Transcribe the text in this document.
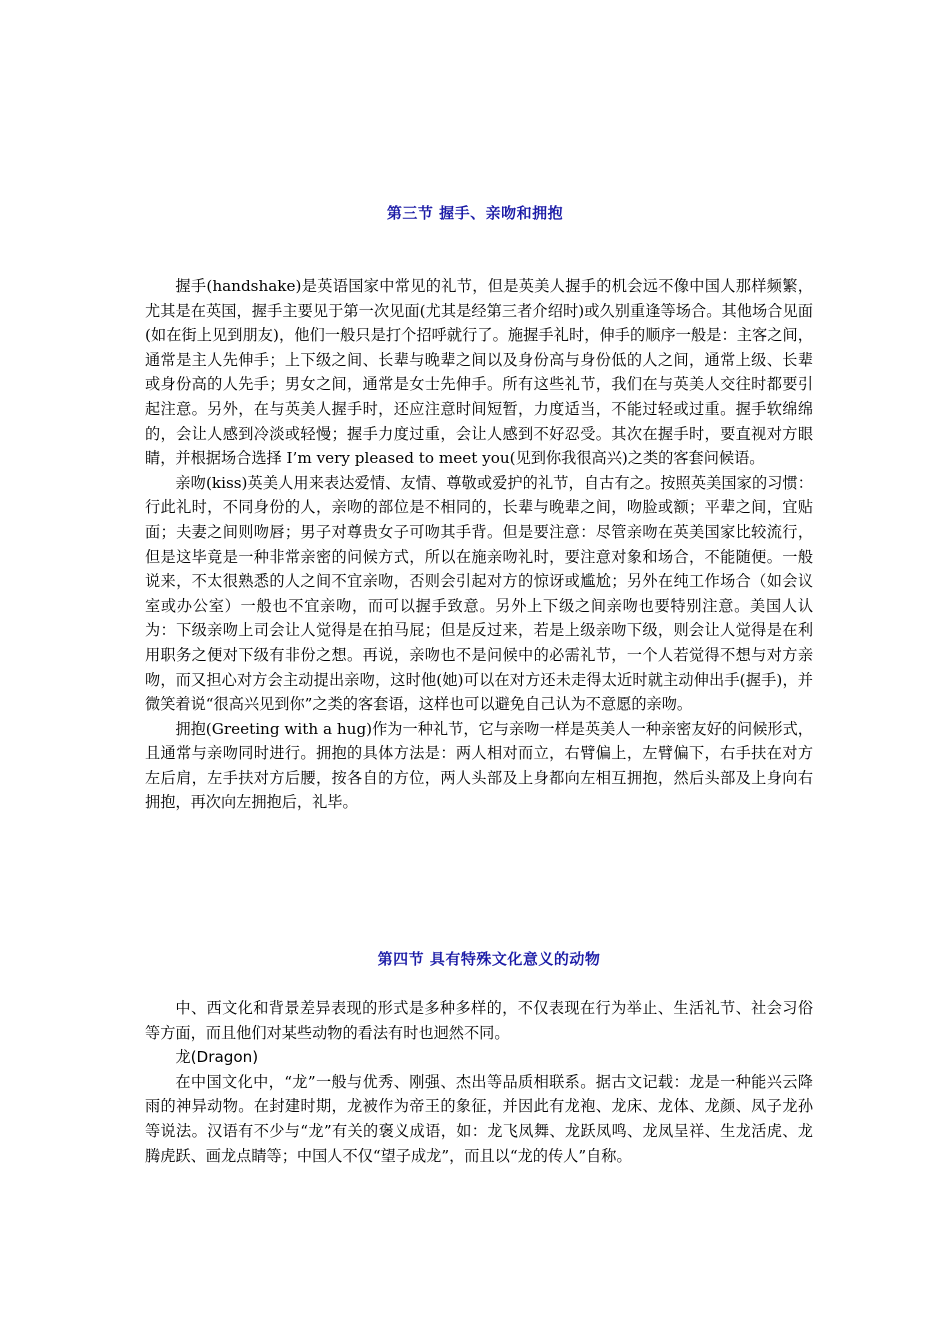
第三节 握手、亲吻和拥抱

握手(handshake)是英语国家中常见的礼节，但是英美人握手的机会远不像中国人那样频繁，尤其是在英国，握手主要见于第一次见面(尤其是经第三者介绍时)或久别重逢等场合。其他场合见面(如在街上见到朋友)，他们一般只是打个招呼就行了。施握手礼时，伸手的顺序一般是：主客之间，通常是主人先伸手；上下级之间、长辈与晚辈之间以及身份高与身份低的人之间，通常上级、长辈或身份高的人先手；男女之间，通常是女士先伸手。所有这些礼节，我们在与英美人交往时都要引起注意。另外，在与英美人握手时，还应注意时间短暂，力度适当，不能过轻或过重。握手软绵绵的，会让人感到冷淡或轻慢；握手力度过重，会让人感到不好忍受。其次在握手时，要直视对方眼睛，并根据场合选择 I’m very pleased to meet you(见到你我很高兴)之类的客套问候语。

亲吻(kiss)英美人用来表达爱情、友情、尊敬或爱护的礼节，自古有之。按照英美国家的习惯：行此礼时，不同身份的人，亲吻的部位是不相同的，长辈与晚辈之间，吻脸或额；平辈之间，宜贴面；夫妻之间则吻唇；男子对尊贵女子可吻其手背。但是要注意：尽管亲吻在英美国家比较流行，但是这毕竟是一种非常亲密的问候方式，所以在施亲吻礼时，要注意对象和场合，不能随便。一般说来，不太很熟悉的人之间不宜亲吻，否则会引起对方的惊讶或尴尬；另外在纯工作场合（如会议室或办公室）一般也不宜亲吻，而可以握手致意。另外上下级之间亲吻也要特别注意。美国人认为：下级亲吻上司会让人觉得是在拍马屁；但是反过来，若是上级亲吻下级，则会让人觉得是在利用职务之便对下级有非份之想。再说，亲吻也不是问候中的必需礼节，一个人若觉得不想与对方亲吻，而又担心对方会主动提出亲吻，这时他(她)可以在对方还未走得太近时就主动伸出手(握手)，并微笑着说“很高兴见到你”之类的客套语，这样也可以避免自己认为不意愿的亲吻。

拥抱(Greeting with a hug)作为一种礼节，它与亲吻一样是英美人一种亲密友好的问候形式，且通常与亲吻同时进行。拥抱的具体方法是：两人相对而立，右臂偏上，左臂偏下，右手扶在对方左后肩，左手扶对方后腰，按各自的方位，两人头部及上身都向左相互拥抱，然后头部及上身向右拥抱，再次向左拥抱后，礼毕。

第四节 具有特殊文化意义的动物

中、西文化和背景差异表现的形式是多种多样的，不仅表现在行为举止、生活礼节、社会习俗等方面，而且他们对某些动物的看法有时也迥然不同。

龙(Dragon)

在中国文化中，“龙”一般与优秀、刚强、杰出等品质相联系。据古文记载：龙是一种能兴云降雨的神异动物。在封建时期，龙被作为帝王的象征，并因此有龙袍、龙床、龙体、龙颜、凤子龙孙等说法。汉语有不少与“龙”有关的褒义成语，如：龙飞凤舞、龙跃凤鸣、龙凤呈祥、生龙活虎、龙腾虎跃、画龙点睛等；中国人不仅“望子成龙”，而且以“龙的传人”自称。
